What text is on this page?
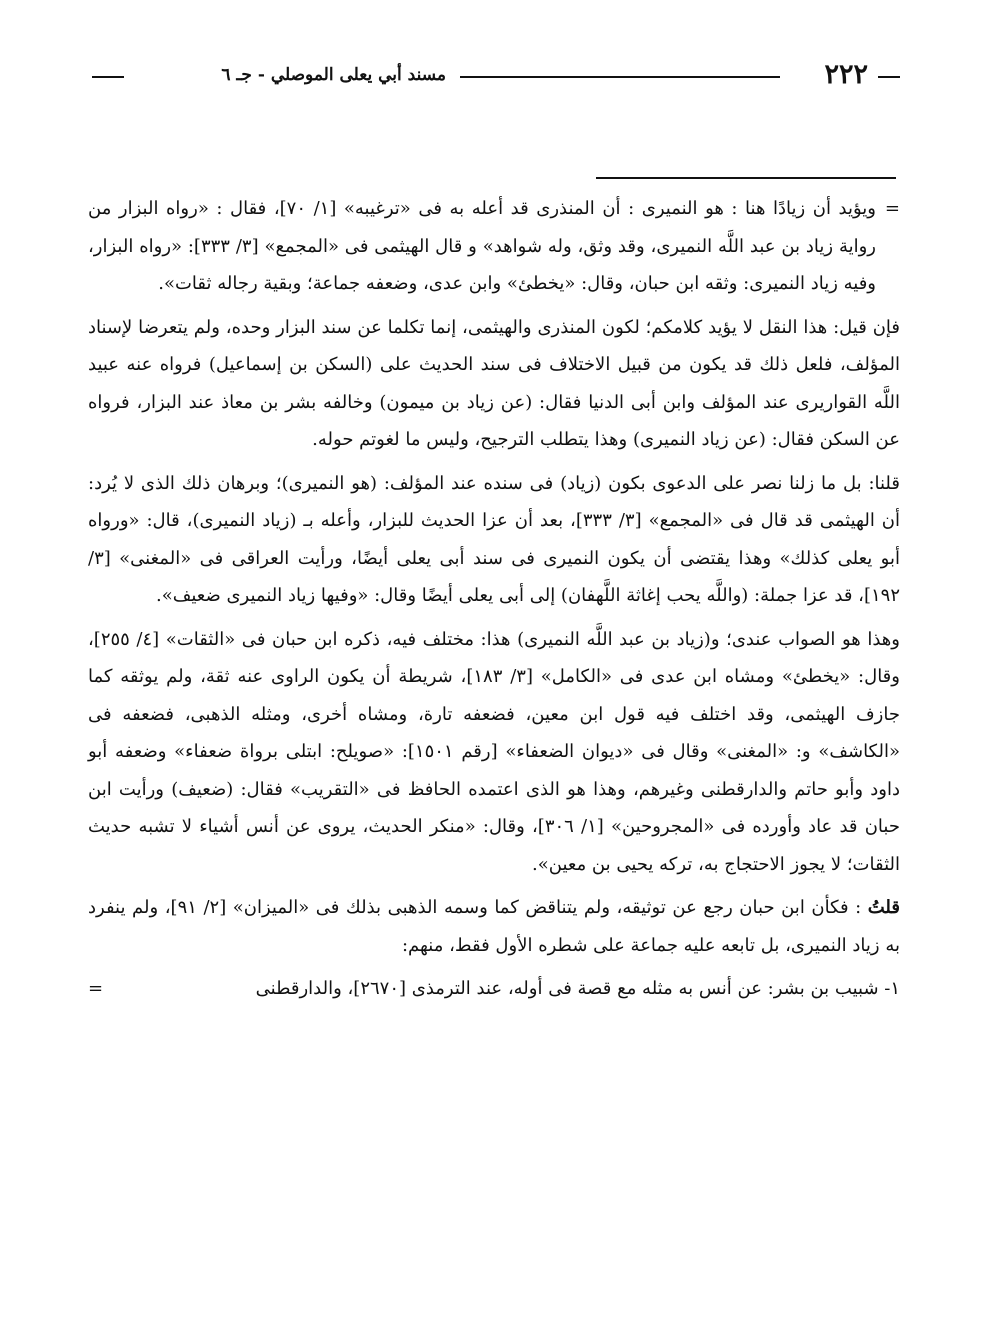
٢٢٢
مسند أبي يعلى الموصلي - جـ ٦

=
ويؤيد أن زيادًا هنا : هو النميرى : أن المنذرى قد أعله به فى «ترغيبه» [١/ ٧٠]، فقال : «رواه البزار من رواية زياد بن عبد اللَّه النميرى، وقد وثق، وله شواهد» و قال الهيثمى فى «المجمع» [٣/ ٣٣٣]: «رواه البزار، وفيه زياد النميرى: وثقه ابن حبان، وقال: «يخطئ» وابن عدى، وضعفه جماعة؛ وبقية رجاله ثقات».

فإن قيل: هذا النقل لا يؤيد كلامكم؛ لكون المنذرى والهيثمى، إنما تكلما عن سند البزار وحده، ولم يتعرضا لإسناد المؤلف، فلعل ذلك قد يكون من قبيل الاختلاف فى سند الحديث على (السكن بن إسماعيل) فرواه عنه عبيد اللَّه القواريرى عند المؤلف وابن أبى الدنيا فقال: (عن زياد بن ميمون) وخالفه بشر بن معاذ عند البزار، فرواه عن السكن فقال: (عن زياد النميرى) وهذا يتطلب الترجيح، وليس ما لغوتم حوله.

قلنا: بل ما زلنا نصر على الدعوى بكون (زياد) فى سنده عند المؤلف: (هو النميرى)؛ وبرهان ذلك الذى لا يُرد: أن الهيثمى قد قال فى «المجمع» [٣/ ٣٣٣]، بعد أن عزا الحديث للبزار، وأعله بـ (زياد النميرى)، قال: «ورواه أبو يعلى كذلك» وهذا يقتضى أن يكون النميرى فى سند أبى يعلى أيضًا، ورأيت العراقى فى «المغنى» [٣/ ١٩٢]، قد عزا جملة: (واللَّه يحب إغاثة اللَّهفان) إلى أبى يعلى أيضًا وقال: «وفيها زياد النميرى ضعيف».

وهذا هو الصواب عندى؛ و(زياد بن عبد اللَّه النميرى) هذا: مختلف فيه، ذكره ابن حبان فى «الثقات» [٤/ ٢٥٥]، وقال: «يخطئ» ومشاه ابن عدى فى «الكامل» [٣/ ١٨٣]، شريطة أن يكون الراوى عنه ثقة، ولم يوثقه كما جازف الهيثمى، وقد اختلف فيه قول ابن معين، فضعفه تارة، ومشاه أخرى، ومثله الذهبى، فضعفه فى «الكاشف» و: «المغنى» وقال فى «ديوان الضعفاء» [رقم ١٥٠١]: «صويلح: ابتلى برواة ضعفاء» وضعفه أبو داود وأبو حاتم والدارقطنى وغيرهم، وهذا هو الذى اعتمده الحافظ فى «التقريب» فقال: (ضعيف) ورأيت ابن حبان قد عاد وأورده فى «المجروحين» [١/ ٣٠٦]، وقال: «منكر الحديث، يروى عن أنس أشياء لا تشبه حديث الثقات؛ لا يجوز الاحتجاج به، تركه يحيى بن معين».

قلتُ : فكأن ابن حبان رجع عن توثيقه، ولم يتناقض كما وسمه الذهبى بذلك فى «الميزان» [٢/ ٩١]، ولم ينفرد به زياد النميرى، بل تابعه عليه جماعة على شطره الأول فقط، منهم:

١- شبيب بن بشر: عن أنس به مثله مع قصة فى أوله، عند الترمذى [٢٦٧٠]، والدارقطنى
=
